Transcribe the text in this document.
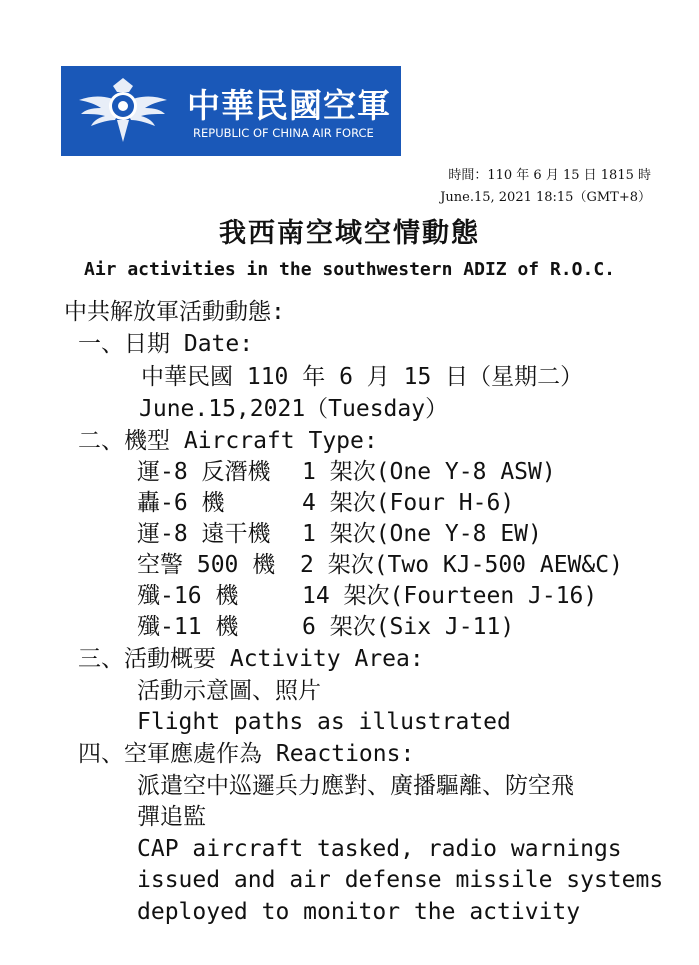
中華民國空軍
REPUBLIC OF CHINA AIR FORCE
時間：110 年 6 月 15 日 1815 時
June.15, 2021 18:15（GMT+8）
我西南空域空情動態
Air activities in the southwestern ADIZ of R.O.C.
中共解放軍活動動態:
一、日期 Date:
中華民國 110 年 6 月 15 日（星期二）
June.15,2021（Tuesday）
二、機型 Aircraft Type:
運-8 反潛機 1 架次(One Y-8 ASW)
轟-6 機	4 架次(Four H-6)
運-8 遠干機 1 架次(One Y-8 EW)
空警 500 機 2 架次(Two KJ-500 AEW&C)
殲-16 機	14 架次(Fourteen J-16)
殲-11 機	6 架次(Six J-11)
三、活動概要 Activity Area:
活動示意圖、照片
Flight paths as illustrated
四、空軍應處作為 Reactions:
派遣空中巡邏兵力應對、廣播驅離、防空飛
彈追監
CAP aircraft tasked, radio warnings
issued and air defense missile systems
deployed to monitor the activity
